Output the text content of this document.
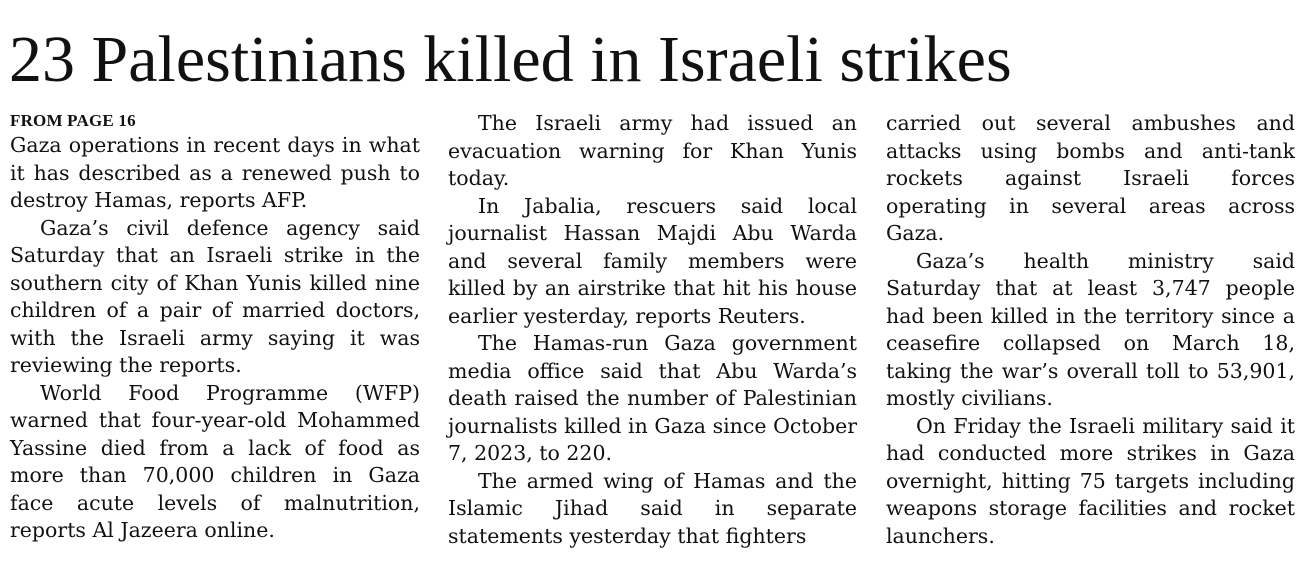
23 Palestinians killed in Israeli strikes

FROM PAGE 16

Gaza operations in recent days in what it has described as a renewed push to destroy Hamas, reports AFP.

Gaza’s civil defence agency said Saturday that an Israeli strike in the southern city of Khan Yunis killed nine children of a pair of married doctors, with the Israeli army saying it was reviewing the reports.

World Food Programme (WFP) warned that four-year-old Mohammed Yassine died from a lack of food as more than 70,000 children in Gaza face acute levels of malnutrition, reports Al Jazeera online.

The Israeli army had issued an evacuation warning for Khan Yunis today.

In Jabalia, rescuers said local journalist Hassan Majdi Abu Warda and several family members were killed by an airstrike that hit his house earlier yesterday, reports Reuters.

The Hamas-run Gaza government media office said that Abu Warda’s death raised the number of Palestinian journalists killed in Gaza since October 7, 2023, to 220.

The armed wing of Hamas and the Islamic Jihad said in separate statements yesterday that fighters

carried out several ambushes and attacks using bombs and anti-tank rockets against Israeli forces operating in several areas across Gaza.

Gaza’s health ministry said Saturday that at least 3,747 people had been killed in the territory since a ceasefire collapsed on March 18, taking the war’s overall toll to 53,901, mostly civilians.

On Friday the Israeli military said it had conducted more strikes in Gaza overnight, hitting 75 targets including weapons storage facilities and rocket launchers.
